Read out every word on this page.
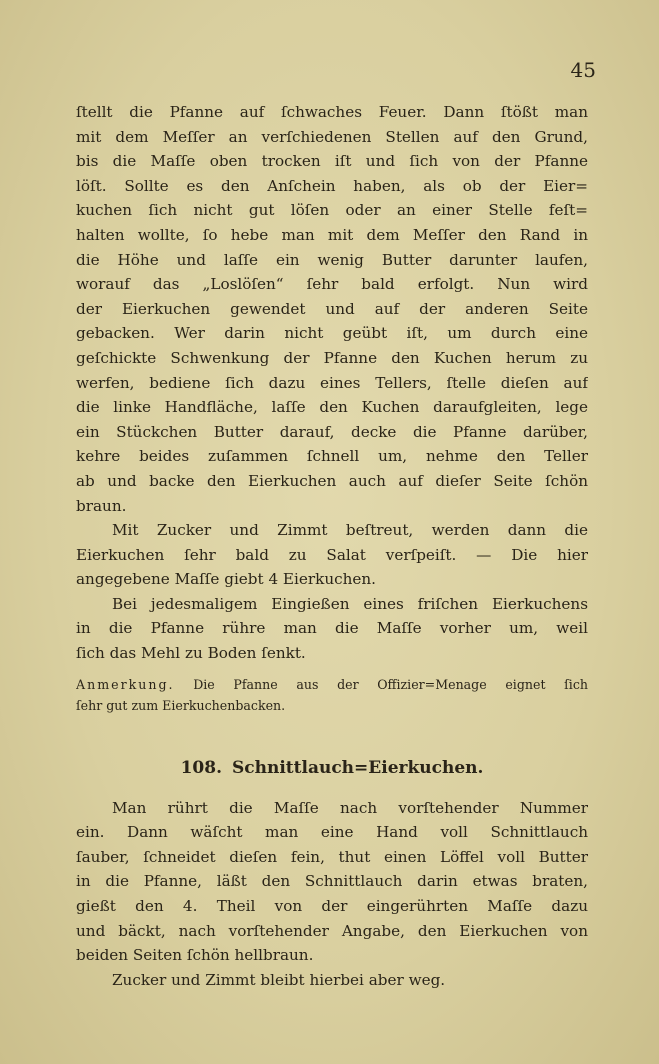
45
ſtellt die Pfanne auf ſchwaches Feuer. Dann ſtößt man
mit dem Meſſer an verſchiedenen Stellen auf den Grund,
bis die Maſſe oben trocken iſt und ſich von der Pfanne
löſt. Sollte es den Anſchein haben, als ob der Eier=
kuchen ſich nicht gut löſen oder an einer Stelle feſt=
halten wollte, ſo hebe man mit dem Meſſer den Rand in
die Höhe und laſſe ein wenig Butter darunter laufen,
worauf das „Loslöſen“ ſehr bald erfolgt. Nun wird
der Eierkuchen gewendet und auf der anderen Seite
gebacken. Wer darin nicht geübt iſt, um durch eine
geſchickte Schwenkung der Pfanne den Kuchen herum zu
werfen, bediene ſich dazu eines Tellers, ſtelle dieſen auf
die linke Handfläche, laſſe den Kuchen daraufgleiten, lege
ein Stückchen Butter darauf, decke die Pfanne darüber,
kehre beides zuſammen ſchnell um, nehme den Teller
ab und backe den Eierkuchen auch auf dieſer Seite ſchön
braun.
Mit Zucker und Zimmt beſtreut, werden dann die
Eierkuchen ſehr bald zu Salat verſpeiſt. — Die hier
angegebene Maſſe giebt 4 Eierkuchen.
Bei jedesmaligem Eingießen eines friſchen Eierkuchens
in die Pfanne rühre man die Maſſe vorher um, weil
ſich das Mehl zu Boden ſenkt.
Anmerkung. Die Pfanne aus der Offizier=Menage eignet ſich
ſehr gut zum Eierkuchenbacken.
108. Schnittlauch=Eierkuchen.
Man rührt die Maſſe nach vorſtehender Nummer
ein. Dann wäſcht man eine Hand voll Schnittlauch
ſauber, ſchneidet dieſen fein, thut einen Löffel voll Butter
in die Pfanne, läßt den Schnittlauch darin etwas braten,
gießt den 4. Theil von der eingerührten Maſſe dazu
und bäckt, nach vorſtehender Angabe, den Eierkuchen von
beiden Seiten ſchön hellbraun.
Zucker und Zimmt bleibt hierbei aber weg.
